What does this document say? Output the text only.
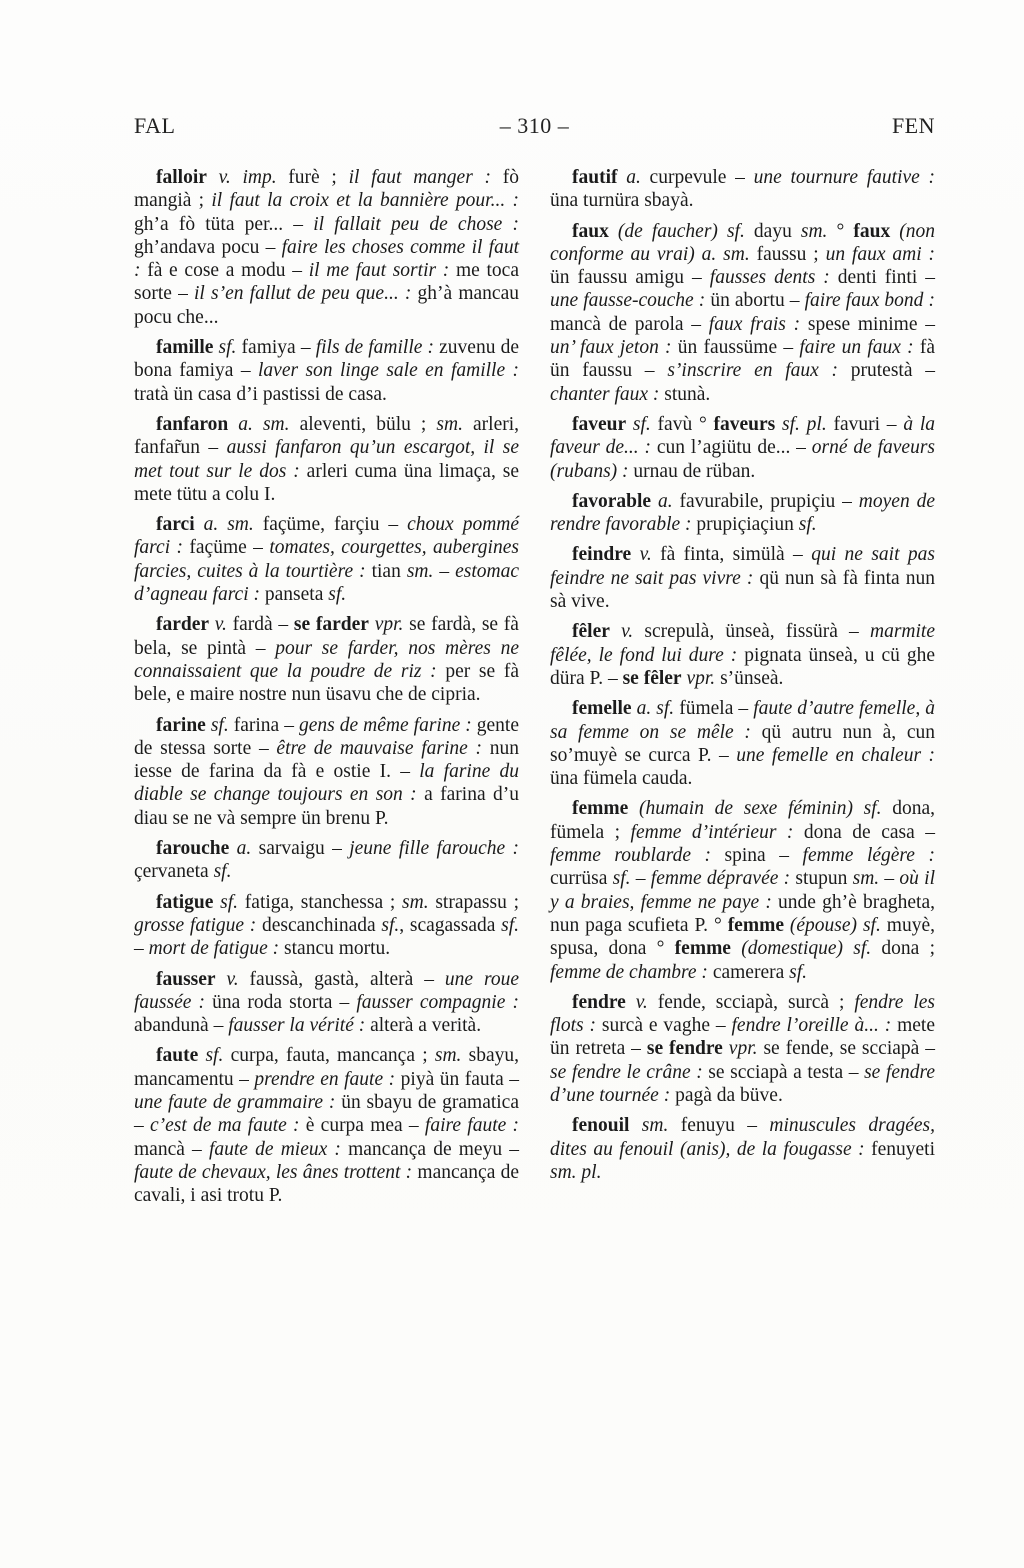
FAL	– 310 –	FEN

falloir v. imp. furè ; il faut manger : fò mangià ; il faut la croix et la bannière pour... : gh’a fò tüta per... – il fallait peu de chose : gh’andava pocu – faire les choses comme il faut : fà e cose a modu – il me faut sortir : me toca sorte – il s’en fallut de peu que... : gh’à mancau pocu che...

famille sf. famiya – fils de famille : zuvenu de bona famiya – laver son linge sale en famille : tratà ün casa d’i pastissi de casa.

fanfaron a. sm. aleventi, bülu ; sm. arleri, fanfar̃un – aussi fanfaron qu’un escargot, il se met tout sur le dos : arleri cuma üna limaça, se mete tütu a colu I.

farci a. sm. façüme, farçiu – choux pommé farci : façüme – tomates, courgettes, aubergines farcies, cuites à la tourtière : tian sm. – estomac d’agneau farci : panseta sf.

farder v. fardà – se farder vpr. se fardà, se fà bela, se pintà – pour se farder, nos mères ne connaissaient que la poudre de riz : per se fà bele, e maire nostre nun üsavu che de cipria.

farine sf. farina – gens de même farine : gente de stessa sorte – être de mauvaise farine : nun iesse de farina da fà e ostie I. – la farine du diable se change toujours en son : a farina d’u diau se ne và sempre ün brenu P.

farouche a. sarvaigu – jeune fille farouche : çervaneta sf.

fatigue sf. fatiga, stanchessa ; sm. strapassu ; grosse fatigue : descanchinada sf., scagassada sf. – mort de fatigue : stancu mortu.

fausser v. faussà, gastà, alterà – une roue faussée : üna roda storta – fausser compagnie : abandunà – fausser la vérité : alterà a verità.

faute sf. curpa, fauta, mancança ; sm. sbayu, mancamentu – prendre en faute : piyà ün fauta – une faute de grammaire : ün sbayu de gramatica – c’est de ma faute : è curpa mea – faire faute : mancà – faute de mieux : mancança de meyu – faute de chevaux, les ânes trottent : mancança de cavali, i asi trotu P.

fautif a. curpevule – une tournure fautive : üna turnüra sbayà.

faux (de faucher) sf. dayu sm. ° faux (non conforme au vrai) a. sm. faussu ; un faux ami : ün faussu amigu – fausses dents : denti finti – une fausse-couche : ün abortu – faire faux bond : mancà de parola – faux frais : spese minime – un’ faux jeton : ün faussüme – faire un faux : fà ün faussu – s’inscrire en faux : prutestà – chanter faux : stunà.

faveur sf. favù ° faveurs sf. pl. favuri – à la faveur de... : cun l’agiütu de... – orné de faveurs (rubans) : urnau de rüban.

favorable a. favurabile, prupiçiu – moyen de rendre favorable : prupiçiaçiun sf.

feindre v. fà finta, simülà – qui ne sait pas feindre ne sait pas vivre : qü nun sà fà finta nun sà vive.

fêler v. screpulà, ünseà, fissürà – marmite fêlée, le fond lui dure : pignata ünseà, u cü ghe düra P. – se fêler vpr. s’ünseà.

femelle a. sf. fümela – faute d’autre femelle, à sa femme on se mêle : qü autru nun à, cun so’muyè se curca P. – une femelle en chaleur : üna fümela cauda.

femme (humain de sexe féminin) sf. dona, fümela ; femme d’intérieur : dona de casa – femme roublarde : spina – femme légère : currüsa sf. – femme dépravée : stupun sm. – où il y a braies, femme ne paye : unde gh’è bragheta, nun paga scufieta P. ° femme (épouse) sf. muyè, spusa, dona ° femme (domestique) sf. dona ; femme de chambre : camerera sf.

fendre v. fende, scciapà, surcà ; fendre les flots : surcà e vaghe – fendre l’oreille à... : mete ün retreta – se fendre vpr. se fende, se scciapà – se fendre le crâne : se scciapà a testa – se fendre d’une tournée : pagà da büve.

fenouil sm. fenuyu – minuscules dragées, dites au fenouil (anis), de la fougasse : fenuyeti sm. pl.
